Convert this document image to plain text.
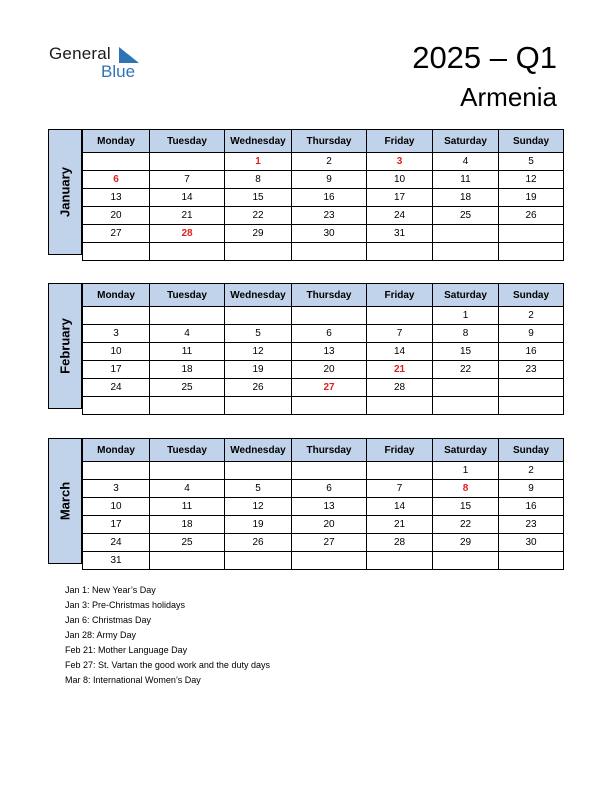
General
Blue	2025 – Q1
Armenia
January
Monday	Tuesday	Wednesday	Thursday	Friday	Saturday	Sunday
		1	2	3	4	5
6	7	8	9	10	11	12
13	14	15	16	17	18	19
20	21	22	23	24	25	26
27	28	29	30	31		

February
Monday	Tuesday	Wednesday	Thursday	Friday	Saturday	Sunday
					1	2
3	4	5	6	7	8	9
10	11	12	13	14	15	16
17	18	19	20	21	22	23
24	25	26	27	28		

March
Monday	Tuesday	Wednesday	Thursday	Friday	Saturday	Sunday
					1	2
3	4	5	6	7	8	9
10	11	12	13	14	15	16
17	18	19	20	21	22	23
24	25	26	27	28	29	30
31						
Jan 1: New Year’s Day
Jan 3: Pre-Christmas holidays
Jan 6: Christmas Day
Jan 28: Army Day
Feb 21: Mother Language Day
Feb 27: St. Vartan the good work and the duty days
Mar 8: International Women’s Day
